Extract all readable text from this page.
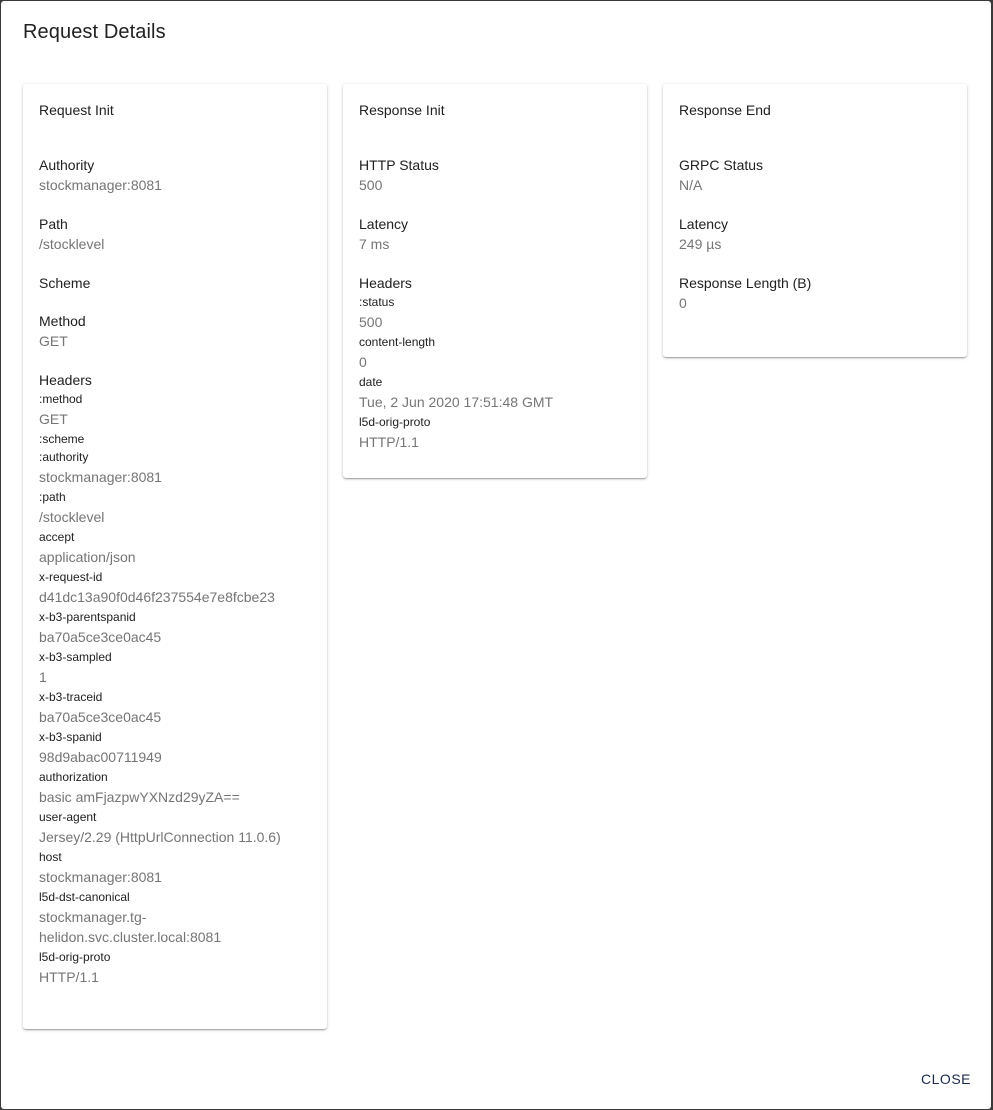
Request Details
Request Init
Authority
stockmanager:8081
Path
/stocklevel
Scheme
Method
GET
Headers
:method
GET
:scheme
:authority
stockmanager:8081
:path
/stocklevel
accept
application/json
x-request-id
d41dc13a90f0d46f237554e7e8fcbe23
x-b3-parentspanid
ba70a5ce3ce0ac45
x-b3-sampled
1
x-b3-traceid
ba70a5ce3ce0ac45
x-b3-spanid
98d9abac00711949
authorization
basic amFjazpwYXNzd29yZA==
user-agent
Jersey/2.29 (HttpUrlConnection 11.0.6)
host
stockmanager:8081
l5d-dst-canonical
stockmanager.tg-helidon.svc.cluster.local:8081
l5d-orig-proto
HTTP/1.1
Response Init
HTTP Status
500
Latency
7 ms
Headers
:status
500
content-length
0
date
Tue, 2 Jun 2020 17:51:48 GMT
l5d-orig-proto
HTTP/1.1
Response End
GRPC Status
N/A
Latency
249 µs
Response Length (B)
0
CLOSE
